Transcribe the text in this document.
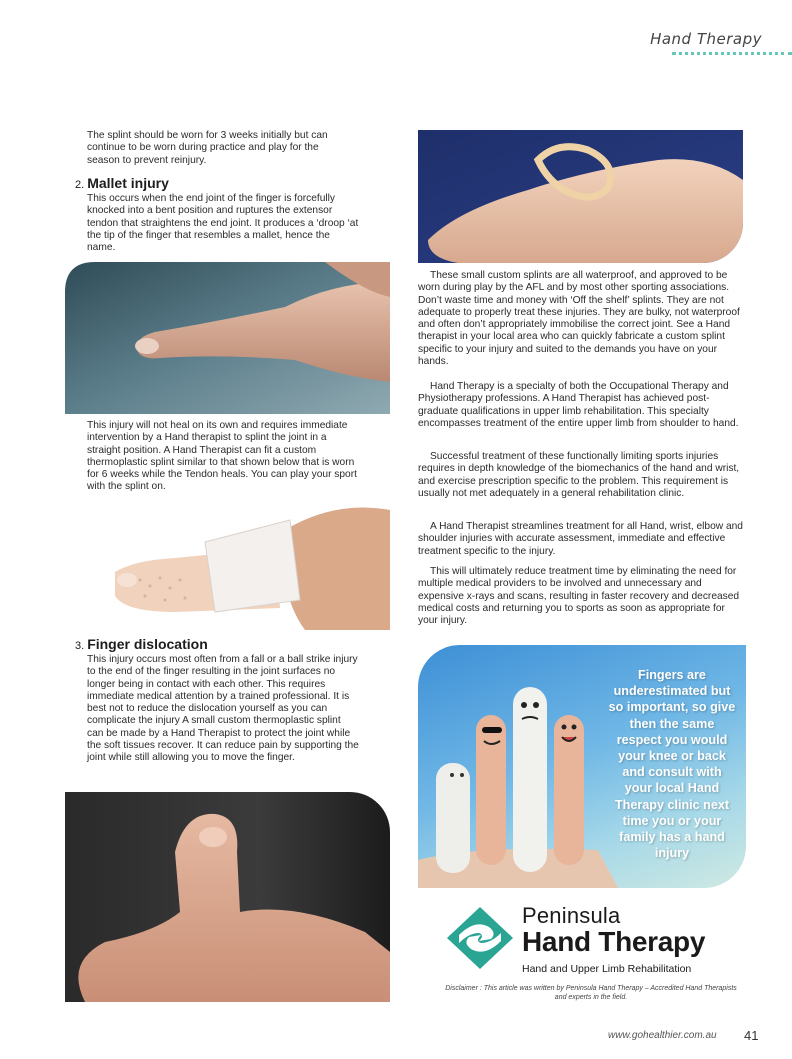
Hand Therapy

The splint should be worn for 3 weeks initially but can continue to be worn during practice and play for the season to prevent reinjury.

2. Mallet injury

This occurs when the end joint of the finger is forcefully knocked into a bent position and ruptures the extensor tendon that straightens the end joint. It produces a ‘droop ‘at the tip of the finger that resembles a mallet, hence the name.

This injury will not heal on its own and requires immediate intervention by a Hand therapist to splint the joint in a straight position. A Hand Therapist can fit a custom thermoplastic splint similar to that shown below that is worn for 6 weeks while the Tendon heals. You can play your sport with the splint on.

3. Finger dislocation

This injury occurs most often from a fall or a ball strike injury to the end of the finger resulting in the joint surfaces no longer being in contact with each other. This requires immediate medical attention by a trained professional. It is best not to reduce the dislocation yourself as you can complicate the injury A small custom thermoplastic splint can be made by a Hand Therapist to protect the joint while the soft tissues recover. It can reduce pain by supporting the joint while still allowing you to move the finger.

These small custom splints are all waterproof, and approved to be worn during play by the AFL and by most other sporting associations. Don’t waste time and money with ‘Off the shelf’ splints. They are not adequate to properly treat these injuries. They are bulky, not waterproof and often don’t appropriately immobilise the correct joint. See a Hand therapist in your local area who can quickly fabricate a custom splint specific to your injury and suited to the demands you have on your hands.

Hand Therapy is a specialty of both the Occupational Therapy and Physiotherapy professions. A Hand Therapist has achieved post-graduate qualifications in upper limb rehabilitation. This specialty encompasses treatment of the entire upper limb from shoulder to hand.

Successful treatment of these functionally limiting sports injuries requires in depth knowledge of the biomechanics of the hand and wrist, and exercise prescription specific to the problem. This requirement is usually not met adequately in a general rehabilitation clinic.

A Hand Therapist streamlines treatment for all Hand, wrist, elbow and shoulder injuries with accurate assessment, immediate and effective treatment specific to the injury.

This will ultimately reduce treatment time by eliminating the need for multiple medical providers to be involved and unnecessary and expensive x-rays and scans, resulting in faster recovery and decreased medical costs and returning you to sports as soon as appropriate for your injury.

Fingers are underestimated but so important, so give then the same respect you would your knee or back and consult with your local Hand Therapy clinic next time you or your family has a hand injury
Peninsula
Hand Therapy
Hand and Upper Limb Rehabilitation
Disclaimer : This article was written by Peninsula Hand Therapy – Accredited Hand Therapists and experts in the field.
www.gohealthier.com.au 41
